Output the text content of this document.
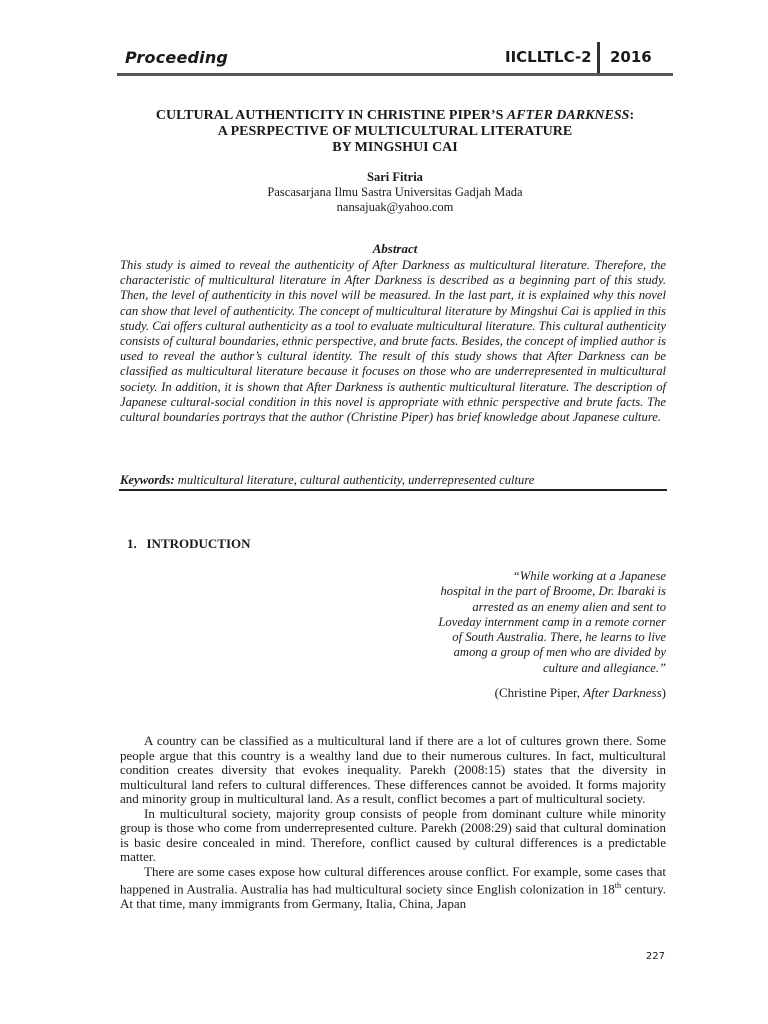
Proceeding	IICLLTLC-2 2016
CULTURAL AUTHENTICITY IN CHRISTINE PIPER’S AFTER DARKNESS:
A PESRPECTIVE OF MULTICULTURAL LITERATURE
BY MINGSHUI CAI
Sari Fitria
Pascasarjana Ilmu Sastra Universitas Gadjah Mada
nansajuak@yahoo.com
Abstract
This study is aimed to reveal the authenticity of After Darkness as multicultural literature. Therefore, the characteristic of multicultural literature in After Darkness is described as a beginning part of this study. Then, the level of authenticity in this novel will be measured. In the last part, it is explained why this novel can show that level of authenticity. The concept of multicultural literature by Mingshui Cai is applied in this study. Cai offers cultural authenticity as a tool to evaluate multicultural literature. This cultural authenticity consists of cultural boundaries, ethnic perspective, and brute facts. Besides, the concept of implied author is used to reveal the author’s cultural identity. The result of this study shows that After Darkness can be classified as multicultural literature because it focuses on those who are underrepresented in multicultural society. In addition, it is shown that After Darkness is authentic multicultural literature. The description of Japanese cultural-social condition in this novel is appropriate with ethnic perspective and brute facts. The cultural boundaries portrays that the author (Christine Piper) has brief knowledge about Japanese culture.
Keywords: multicultural literature, cultural authenticity, underrepresented culture
1.   INTRODUCTION
“While working at a Japanese
hospital in the part of Broome, Dr. Ibaraki is
arrested as an enemy alien and sent to
Loveday internment camp in a remote corner
of South Australia. There, he learns to live
among a group of men who are divided by
culture and allegiance.”
(Christine Piper, After Darkness)

A country can be classified as a multicultural land if there are a lot of cultures grown there. Some people argue that this country is a wealthy land due to their numerous cultures. In fact, multicultural condition creates diversity that evokes inequality. Parekh (2008:15) states that the diversity in multicultural land refers to cultural differences. These differences cannot be avoided. It forms majority and minority group in multicultural land. As a result, conflict becomes a part of multicultural society.

In multicultural society, majority group consists of people from dominant culture while minority group is those who come from underrepresented culture. Parekh (2008:29) said that cultural domination is basic desire concealed in mind. Therefore, conflict caused by cultural differences is a predictable matter.

There are some cases expose how cultural differences arouse conflict. For example, some cases that happened in Australia. Australia has had multicultural society since English colonization in 18th century. At that time, many immigrants from Germany, Italia, China, Japan

227
